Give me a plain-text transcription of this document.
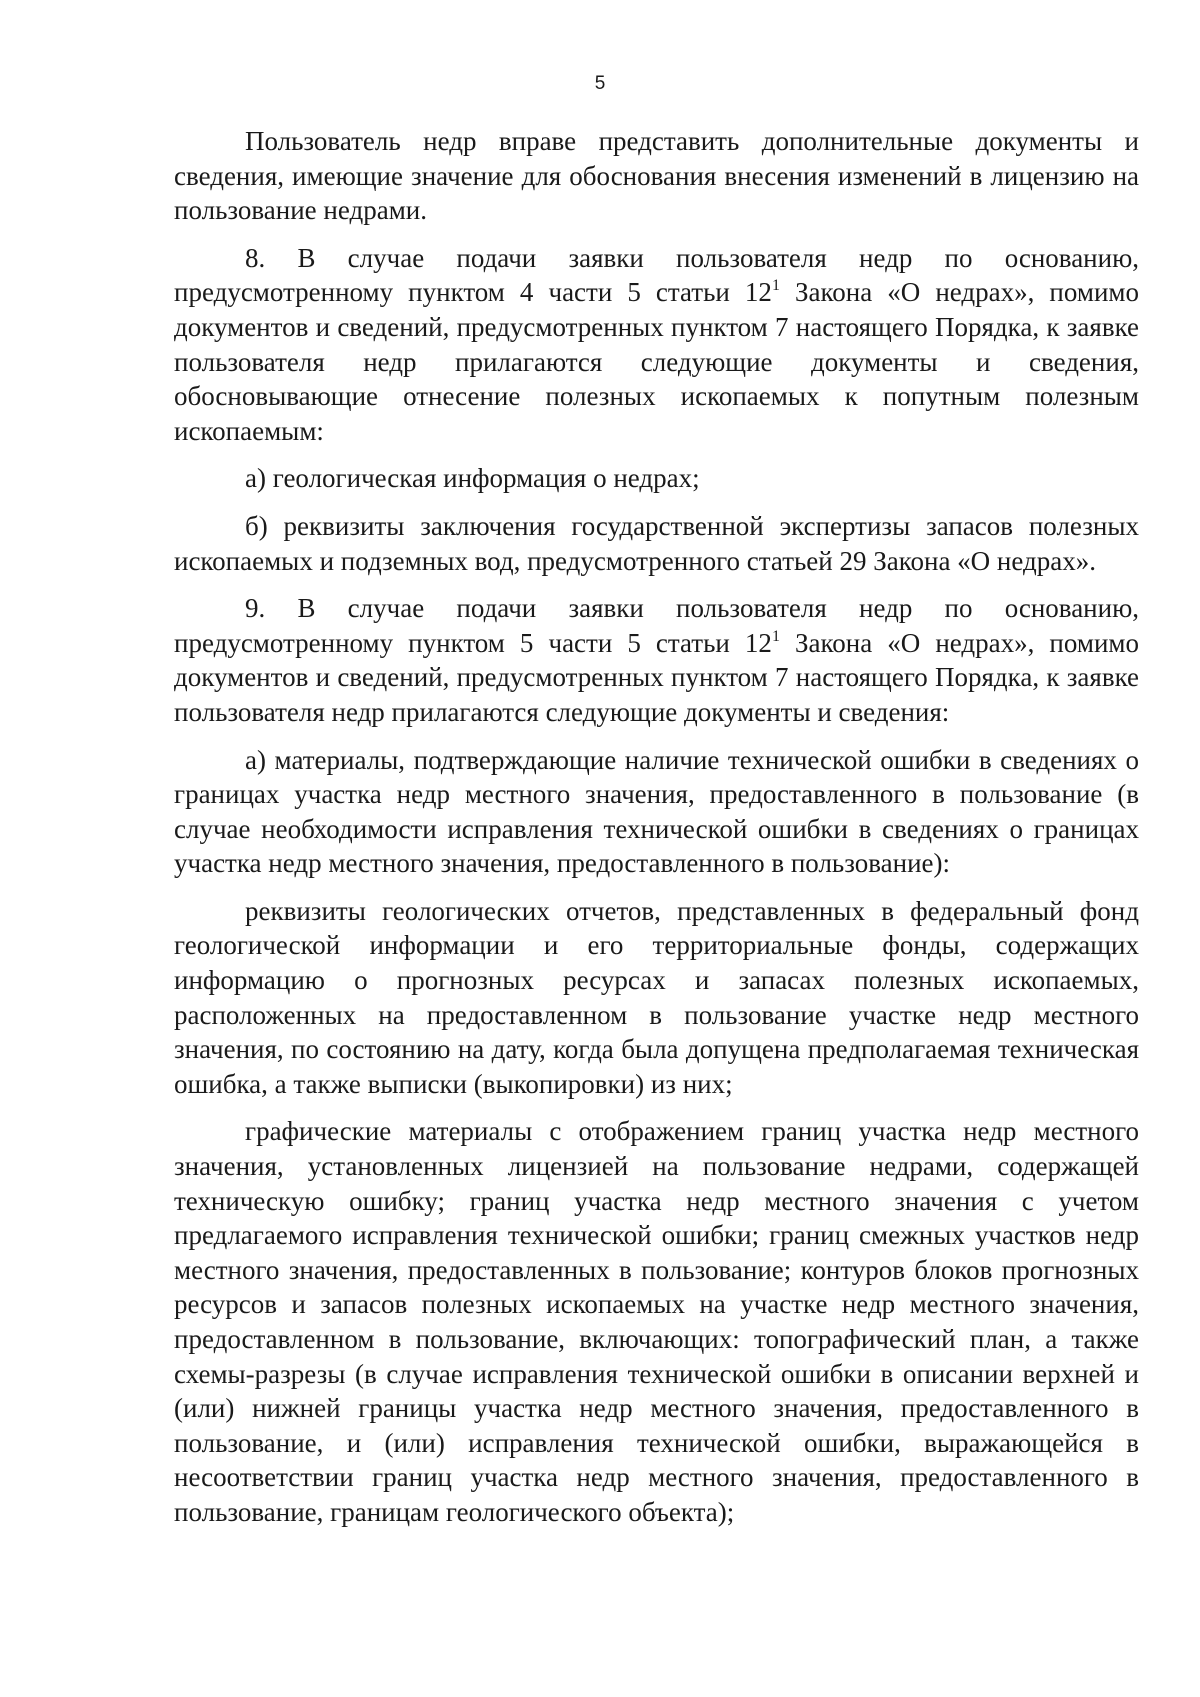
5

Пользователь недр вправе представить дополнительные документы и сведения, имеющие значение для обоснования внесения изменений в лицензию на пользование недрами.

8. В случае подачи заявки пользователя недр по основанию, предусмотренному пунктом 4 части 5 статьи $12^1$ Закона «О недрах», помимо документов и сведений, предусмотренных пунктом 7 настоящего Порядка, к заявке пользователя недр прилагаются следующие документы и сведения, обосновывающие отнесение полезных ископаемых к попутным полезным ископаемым:

а) геологическая информация о недрах;

б) реквизиты заключения государственной экспертизы запасов полезных ископаемых и подземных вод, предусмотренного статьей 29 Закона «О недрах».

9. В случае подачи заявки пользователя недр по основанию, предусмотренному пунктом 5 части 5 статьи $12^1$ Закона «О недрах», помимо документов и сведений, предусмотренных пунктом 7 настоящего Порядка, к заявке пользователя недр прилагаются следующие документы и сведения:

а) материалы, подтверждающие наличие технической ошибки в сведениях о границах участка недр местного значения, предоставленного в пользование (в случае необходимости исправления технической ошибки в сведениях о границах участка недр местного значения, предоставленного в пользование):

реквизиты геологических отчетов, представленных в федеральный фонд геологической информации и его территориальные фонды, содержащих информацию о прогнозных ресурсах и запасах полезных ископаемых, расположенных на предоставленном в пользование участке недр местного значения, по состоянию на дату, когда была допущена предполагаемая техническая ошибка, а также выписки (выкопировки) из них;

графические материалы с отображением границ участка недр местного значения, установленных лицензией на пользование недрами, содержащей техническую ошибку; границ участка недр местного значения с учетом предлагаемого исправления технической ошибки; границ смежных участков недр местного значения, предоставленных в пользование; контуров блоков прогнозных ресурсов и запасов полезных ископаемых на участке недр местного значения, предоставленном в пользование, включающих: топографический план, а также схемы-разрезы (в случае исправления технической ошибки в описании верхней и (или) нижней границы участка недр местного значения, предоставленного в пользование, и (или) исправления технической ошибки, выражающейся в несоответствии границ участка недр местного значения, предоставленного в пользование, границам геологического объекта);
